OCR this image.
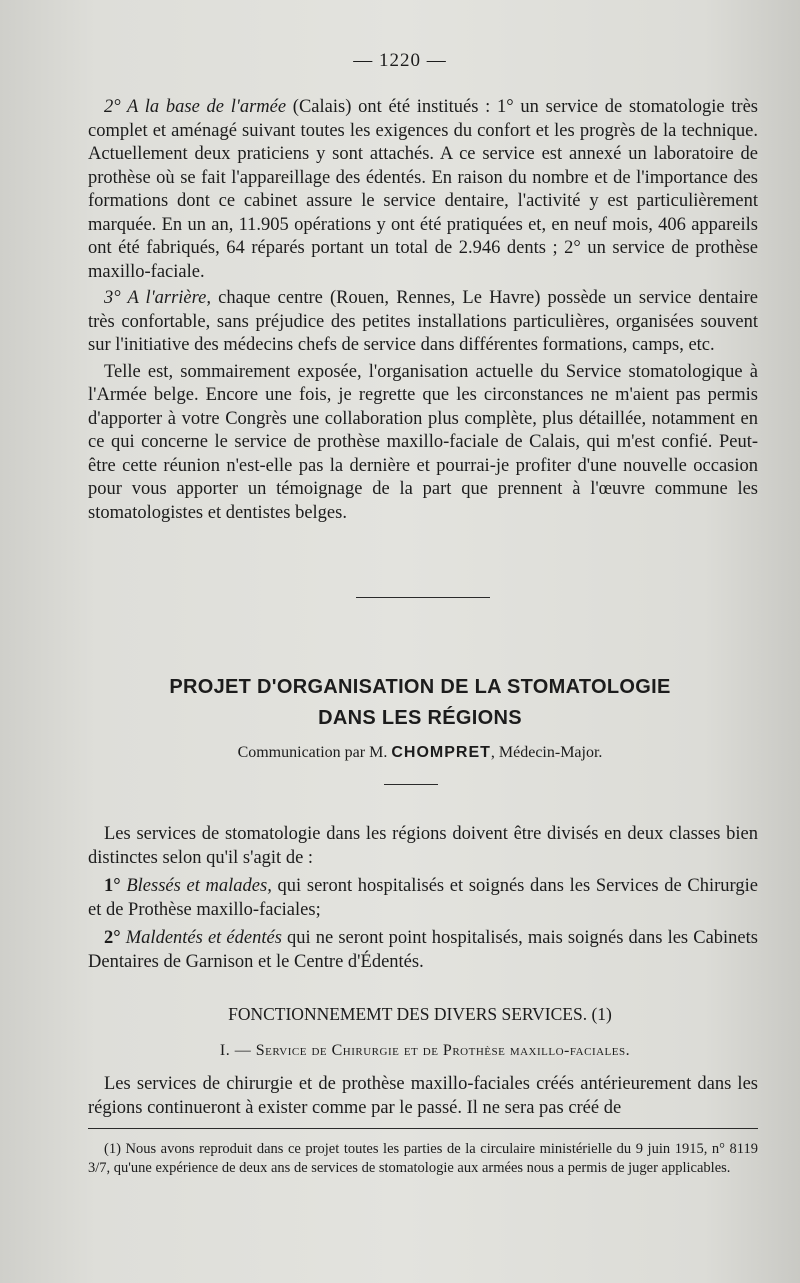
— 1220 —

2° A la base de l'armée (Calais) ont été institués : 1° un service de stomatologie très complet et aménagé suivant toutes les exigences du confort et les progrès de la technique. Actuellement deux praticiens y sont attachés. A ce service est annexé un laboratoire de prothèse où se fait l'appareillage des édentés. En raison du nombre et de l'importance des formations dont ce cabinet assure le service dentaire, l'activité y est particulièrement marquée. En un an, 11.905 opérations y ont été pratiquées et, en neuf mois, 406 appareils ont été fabriqués, 64 réparés portant un total de 2.946 dents ; 2° un service de prothèse maxillo-faciale.

3° A l'arrière, chaque centre (Rouen, Rennes, Le Havre) possède un service dentaire très confortable, sans préjudice des petites installations particulières, organisées souvent sur l'initiative des médecins chefs de service dans différentes formations, camps, etc.

Telle est, sommairement exposée, l'organisation actuelle du Service stomatologique à l'Armée belge. Encore une fois, je regrette que les circonstances ne m'aient pas permis d'apporter à votre Congrès une collaboration plus complète, plus détaillée, notamment en ce qui concerne le service de prothèse maxillo-faciale de Calais, qui m'est confié. Peut-être cette réunion n'est-elle pas la dernière et pourrai-je profiter d'une nouvelle occasion pour vous apporter un témoignage de la part que prennent à l'œuvre commune les stomatologistes et dentistes belges.

PROJET D'ORGANISATION DE LA STOMATOLOGIE
DANS LES RÉGIONS
Communication par M. CHOMPRET, Médecin-Major.

Les services de stomatologie dans les régions doivent être divisés en deux classes bien distinctes selon qu'il s'agit de :

1° Blessés et malades, qui seront hospitalisés et soignés dans les Services de Chirurgie et de Prothèse maxillo-faciales;

2° Maldentés et édentés qui ne seront point hospitalisés, mais soignés dans les Cabinets Dentaires de Garnison et le Centre d'Édentés.

FONCTIONNEMEMT DES DIVERS SERVICES. (1)
I. — Service de Chirurgie et de Prothèse maxillo-faciales.

Les services de chirurgie et de prothèse maxillo-faciales créés antérieurement dans les régions continueront à exister comme par le passé. Il ne sera pas créé de

(1) Nous avons reproduit dans ce projet toutes les parties de la circulaire ministérielle du 9 juin 1915, n° 8119 3/7, qu'une expérience de deux ans de services de stomatologie aux armées nous a permis de juger applicables.
